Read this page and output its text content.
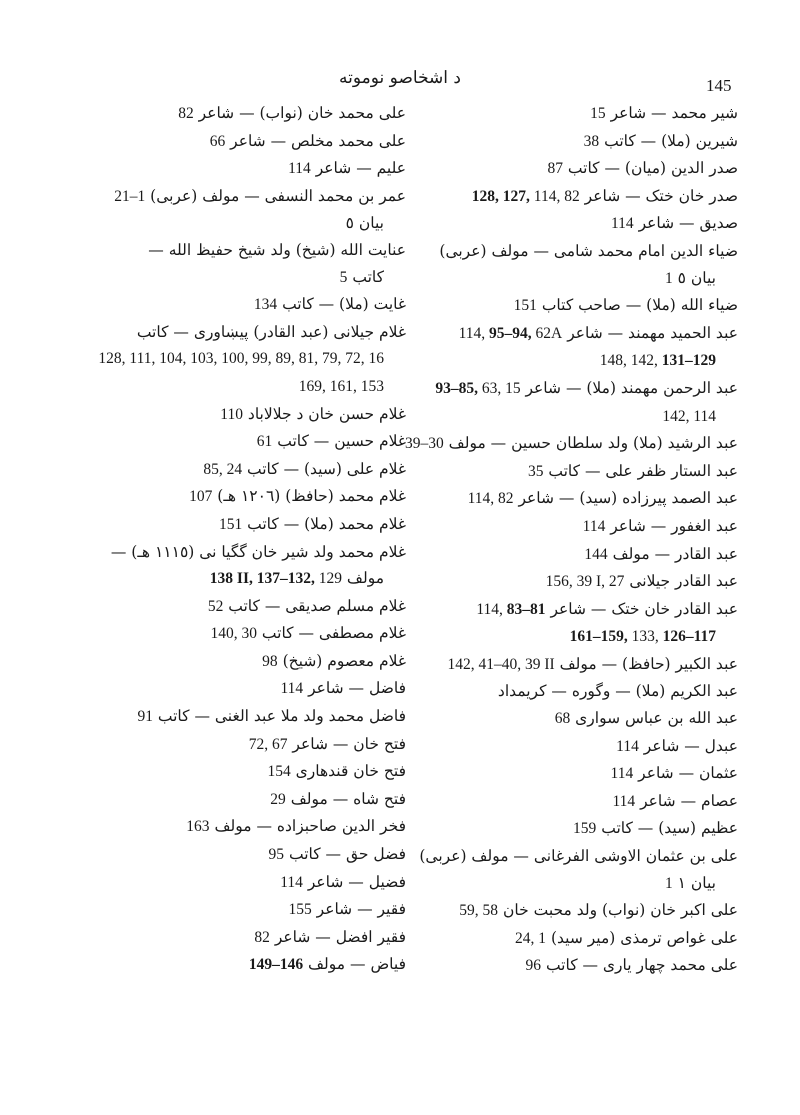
145
د اشخاصو نوموته
شیر محمد — شاعر 15
شیرین (ملا) — کاتب 38
صدر الدین (میان) — کاتب 87
صدر خان ختک — شاعر 128, 127, 114, 82
صدیق — شاعر 114
ضیاء الدین امام محمد شامی — مولف (عربی)
بیان ٥ 1
ضیاء الله (ملا) — صاحب کتاب 151
عبد الحمید مهمند — شاعر 114, 95–94, 62A
148, 142, 131–129
عبد الرحمن مهمند (ملا) — شاعر 93–85, 63, 15
142, 114
عبد الرشید (ملا) ولد سلطان حسین — مولف 39–30
عبد الستار ظفر علی — کاتب 35
عبد الصمد پیرزاده (سید) — شاعر 114, 82
عبد الغفور — شاعر 114
عبد القادر — مولف 144
عبد القادر جیلانی 156, 39 I, 27
عبد القادر خان ختک — شاعر 114, 83–81
161–159, 133, 126–117
عبد الکبیر (حافظ) — مولف 142, 41–40, 39 II
عبد الکریم (ملا) — وگوره — کریمداد
عبد الله بن عباس سواری 68
عبدل — شاعر 114
عثمان — شاعر 114
عصام — شاعر 114
عظیم (سید) — کاتب 159
علی بن عثمان الاوشی الفرغانی — مولف (عربی)
بیان ١ 1
علی اکبر خان (نواب) ولد محبت خان 59, 58
علی غواص ترمذی (میر سید) 24, 1
علی محمد چهار یاری — کاتب 96
علی محمد خان (نواب) — شاعر 82
علی محمد مخلص — شاعر 66
علیم — شاعر 114
عمر بن محمد النسفی — مولف (عربی) 21–1
بیان ٥
عنایت الله (شیخ) ولد شیخ حفیظ الله —
کاتب 5
غایت (ملا) — کاتب 134
غلام جیلانی (عبد القادر) پیښاوری — کاتب
128, 111, 104, 103, 100, 99, 89, 81, 79, 72, 16
169, 161, 153
غلام حسن خان د جلالاباد 110
غلام حسین — کاتب 61
غلام علی (سید) — کاتب 85, 24
غلام محمد (حافظ) (١٢٠٦ هـ) 107
غلام محمد (ملا) — کاتب 151
غلام محمد ولد شیر خان گگیا نی (١١١٥ هـ) —
مولف 138 II, 137–132, 129
غلام مسلم صدیقی — کاتب 52
غلام مصطفی — کاتب 140, 30
غلام معصوم (شیخ) 98
فاضل — شاعر 114
فاضل محمد ولد ملا عبد الغنی — کاتب 91
فتح خان — شاعر 72, 67
فتح خان قندهاری 154
فتح شاه — مولف 29
فخر الدین صاحبزاده — مولف 163
فضل حق — کاتب 95
فضیل — شاعر 114
فقیر — شاعر 155
فقیر افضل — شاعر 82
فیاض — مولف 149–146
